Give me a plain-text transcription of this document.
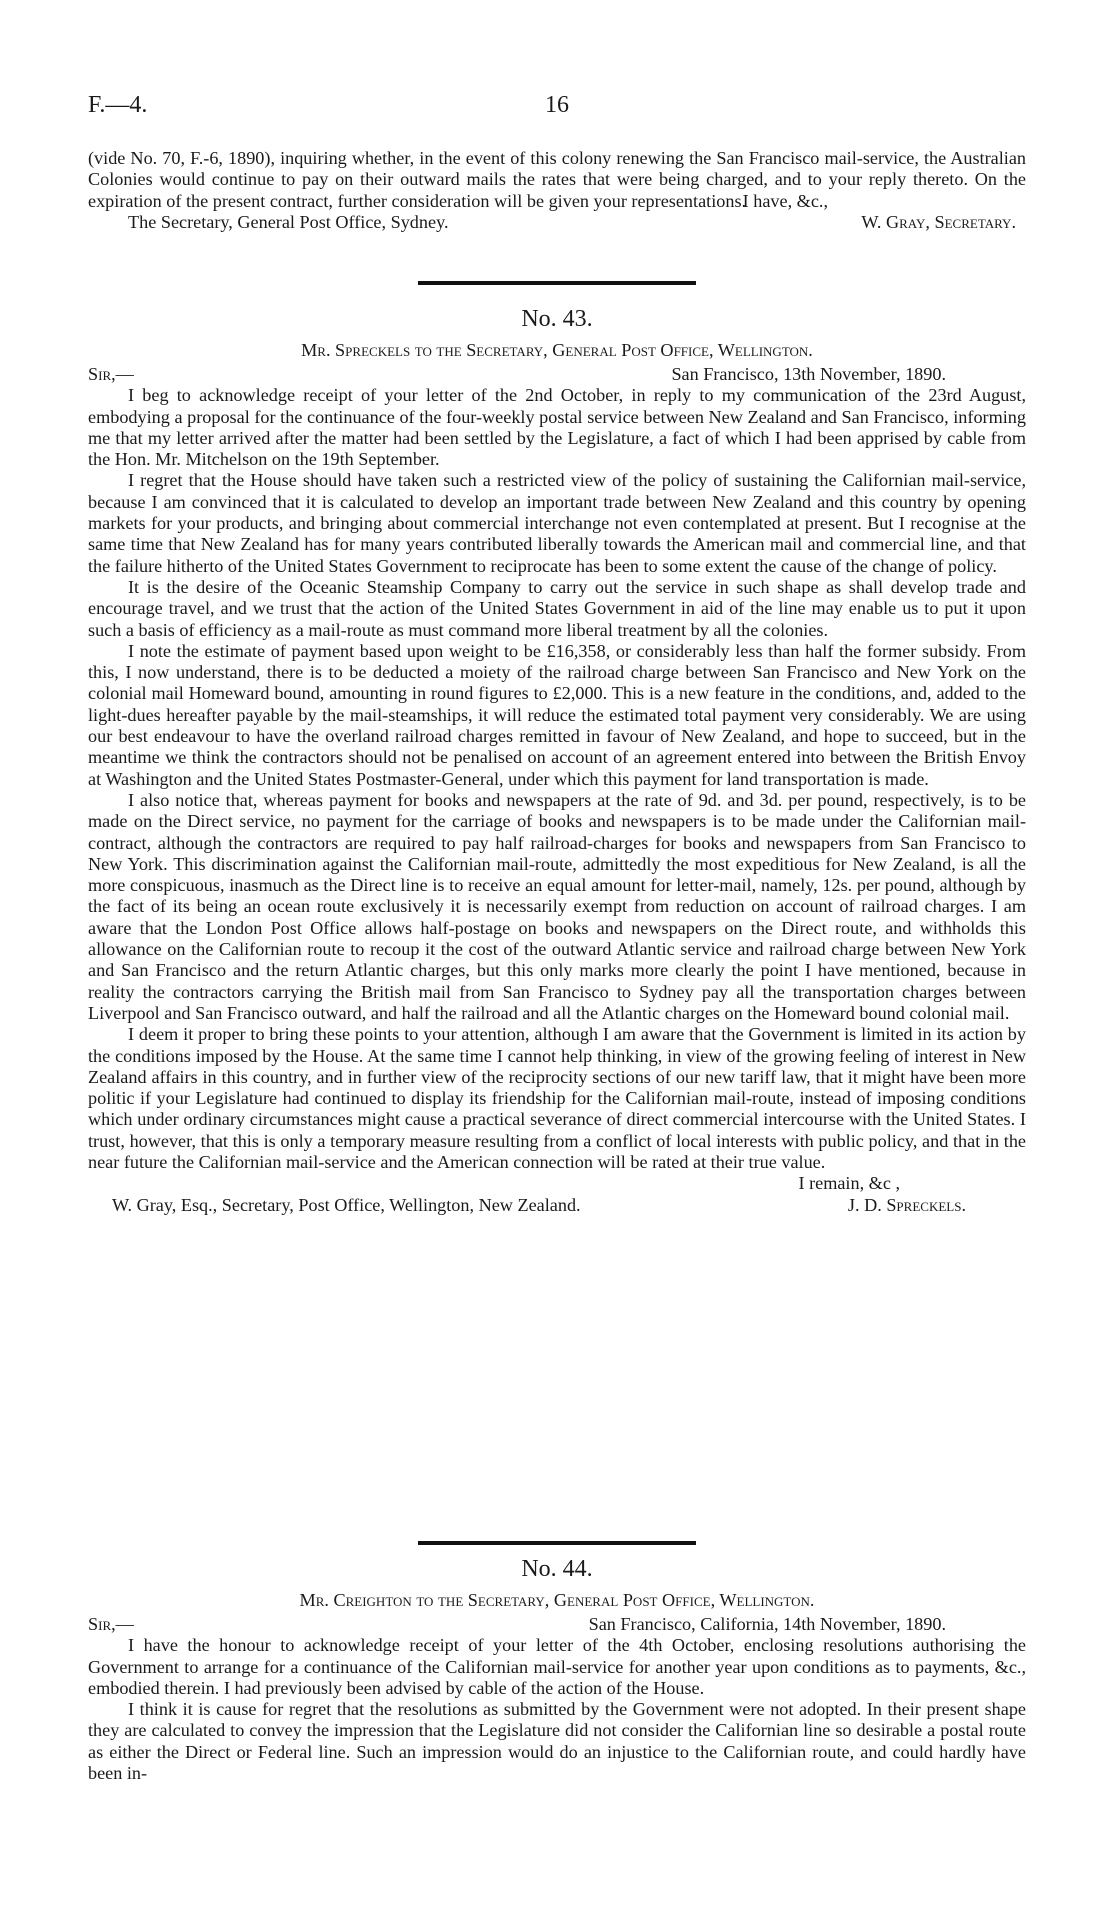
F.—4.	16

(vide No. 70, F.-6, 1890), inquiring whether, in the event of this colony renewing the San Francisco mail-service, the Australian Colonies would continue to pay on their outward mails the rates that were being charged, and to your reply thereto. On the expiration of the present contract, further consideration will be given your representations.

I have, &c.,
The Secretary, General Post Office, Sydney.	W. Gray, Secretary.
No. 43.
Mr. Spreckels to the Secretary, General Post Office, Wellington.
Sir,—	San Francisco, 13th November, 1890.

I beg to acknowledge receipt of your letter of the 2nd October, in reply to my communication of the 23rd August, embodying a proposal for the continuance of the four-weekly postal service between New Zealand and San Francisco, informing me that my letter arrived after the matter had been settled by the Legislature, a fact of which I had been apprised by cable from the Hon. Mr. Mitchelson on the 19th September.

I regret that the House should have taken such a restricted view of the policy of sustaining the Californian mail-service, because I am convinced that it is calculated to develop an important trade between New Zealand and this country by opening markets for your products, and bringing about commercial interchange not even contemplated at present. But I recognise at the same time that New Zealand has for many years contributed liberally towards the American mail and commercial line, and that the failure hitherto of the United States Government to reciprocate has been to some extent the cause of the change of policy.

It is the desire of the Oceanic Steamship Company to carry out the service in such shape as shall develop trade and encourage travel, and we trust that the action of the United States Government in aid of the line may enable us to put it upon such a basis of efficiency as a mail-route as must command more liberal treatment by all the colonies.

I note the estimate of payment based upon weight to be £16,358, or considerably less than half the former subsidy. From this, I now understand, there is to be deducted a moiety of the railroad charge between San Francisco and New York on the colonial mail Homeward bound, amounting in round figures to £2,000. This is a new feature in the conditions, and, added to the light-dues hereafter payable by the mail-steamships, it will reduce the estimated total payment very considerably. We are using our best endeavour to have the overland railroad charges remitted in favour of New Zealand, and hope to succeed, but in the meantime we think the contractors should not be penalised on account of an agreement entered into between the British Envoy at Washington and the United States Postmaster-General, under which this payment for land transportation is made.

I also notice that, whereas payment for books and newspapers at the rate of 9d. and 3d. per pound, respectively, is to be made on the Direct service, no payment for the carriage of books and newspapers is to be made under the Californian mail-contract, although the contractors are required to pay half railroad-charges for books and newspapers from San Francisco to New York. This discrimination against the Californian mail-route, admittedly the most expeditious for New Zealand, is all the more conspicuous, inasmuch as the Direct line is to receive an equal amount for letter-mail, namely, 12s. per pound, although by the fact of its being an ocean route exclusively it is necessarily exempt from reduction on account of railroad charges. I am aware that the London Post Office allows half-postage on books and newspapers on the Direct route, and withholds this allowance on the Californian route to recoup it the cost of the outward Atlantic service and railroad charge between New York and San Francisco and the return Atlantic charges, but this only marks more clearly the point I have mentioned, because in reality the contractors carrying the British mail from San Francisco to Sydney pay all the transportation charges between Liverpool and San Francisco outward, and half the railroad and all the Atlantic charges on the Homeward bound colonial mail.

I deem it proper to bring these points to your attention, although I am aware that the Government is limited in its action by the conditions imposed by the House. At the same time I cannot help thinking, in view of the growing feeling of interest in New Zealand affairs in this country, and in further view of the reciprocity sections of our new tariff law, that it might have been more politic if your Legislature had continued to display its friendship for the Californian mail-route, instead of imposing conditions which under ordinary circumstances might cause a practical severance of direct commercial intercourse with the United States. I trust, however, that this is only a temporary measure resulting from a conflict of local interests with public policy, and that in the near future the Californian mail-service and the American connection will be rated at their true value.

I remain, &c ,
W. Gray, Esq., Secretary, Post Office, Wellington, New Zealand.	J. D. Spreckels.
No. 44.
Mr. Creighton to the Secretary, General Post Office, Wellington.
Sir,—	San Francisco, California, 14th November, 1890.

I have the honour to acknowledge receipt of your letter of the 4th October, enclosing resolutions authorising the Government to arrange for a continuance of the Californian mail-service for another year upon conditions as to payments, &c., embodied therein. I had previously been advised by cable of the action of the House.

I think it is cause for regret that the resolutions as submitted by the Government were not adopted. In their present shape they are calculated to convey the impression that the Legislature did not consider the Californian line so desirable a postal route as either the Direct or Federal line. Such an impression would do an injustice to the Californian route, and could hardly have been in-
